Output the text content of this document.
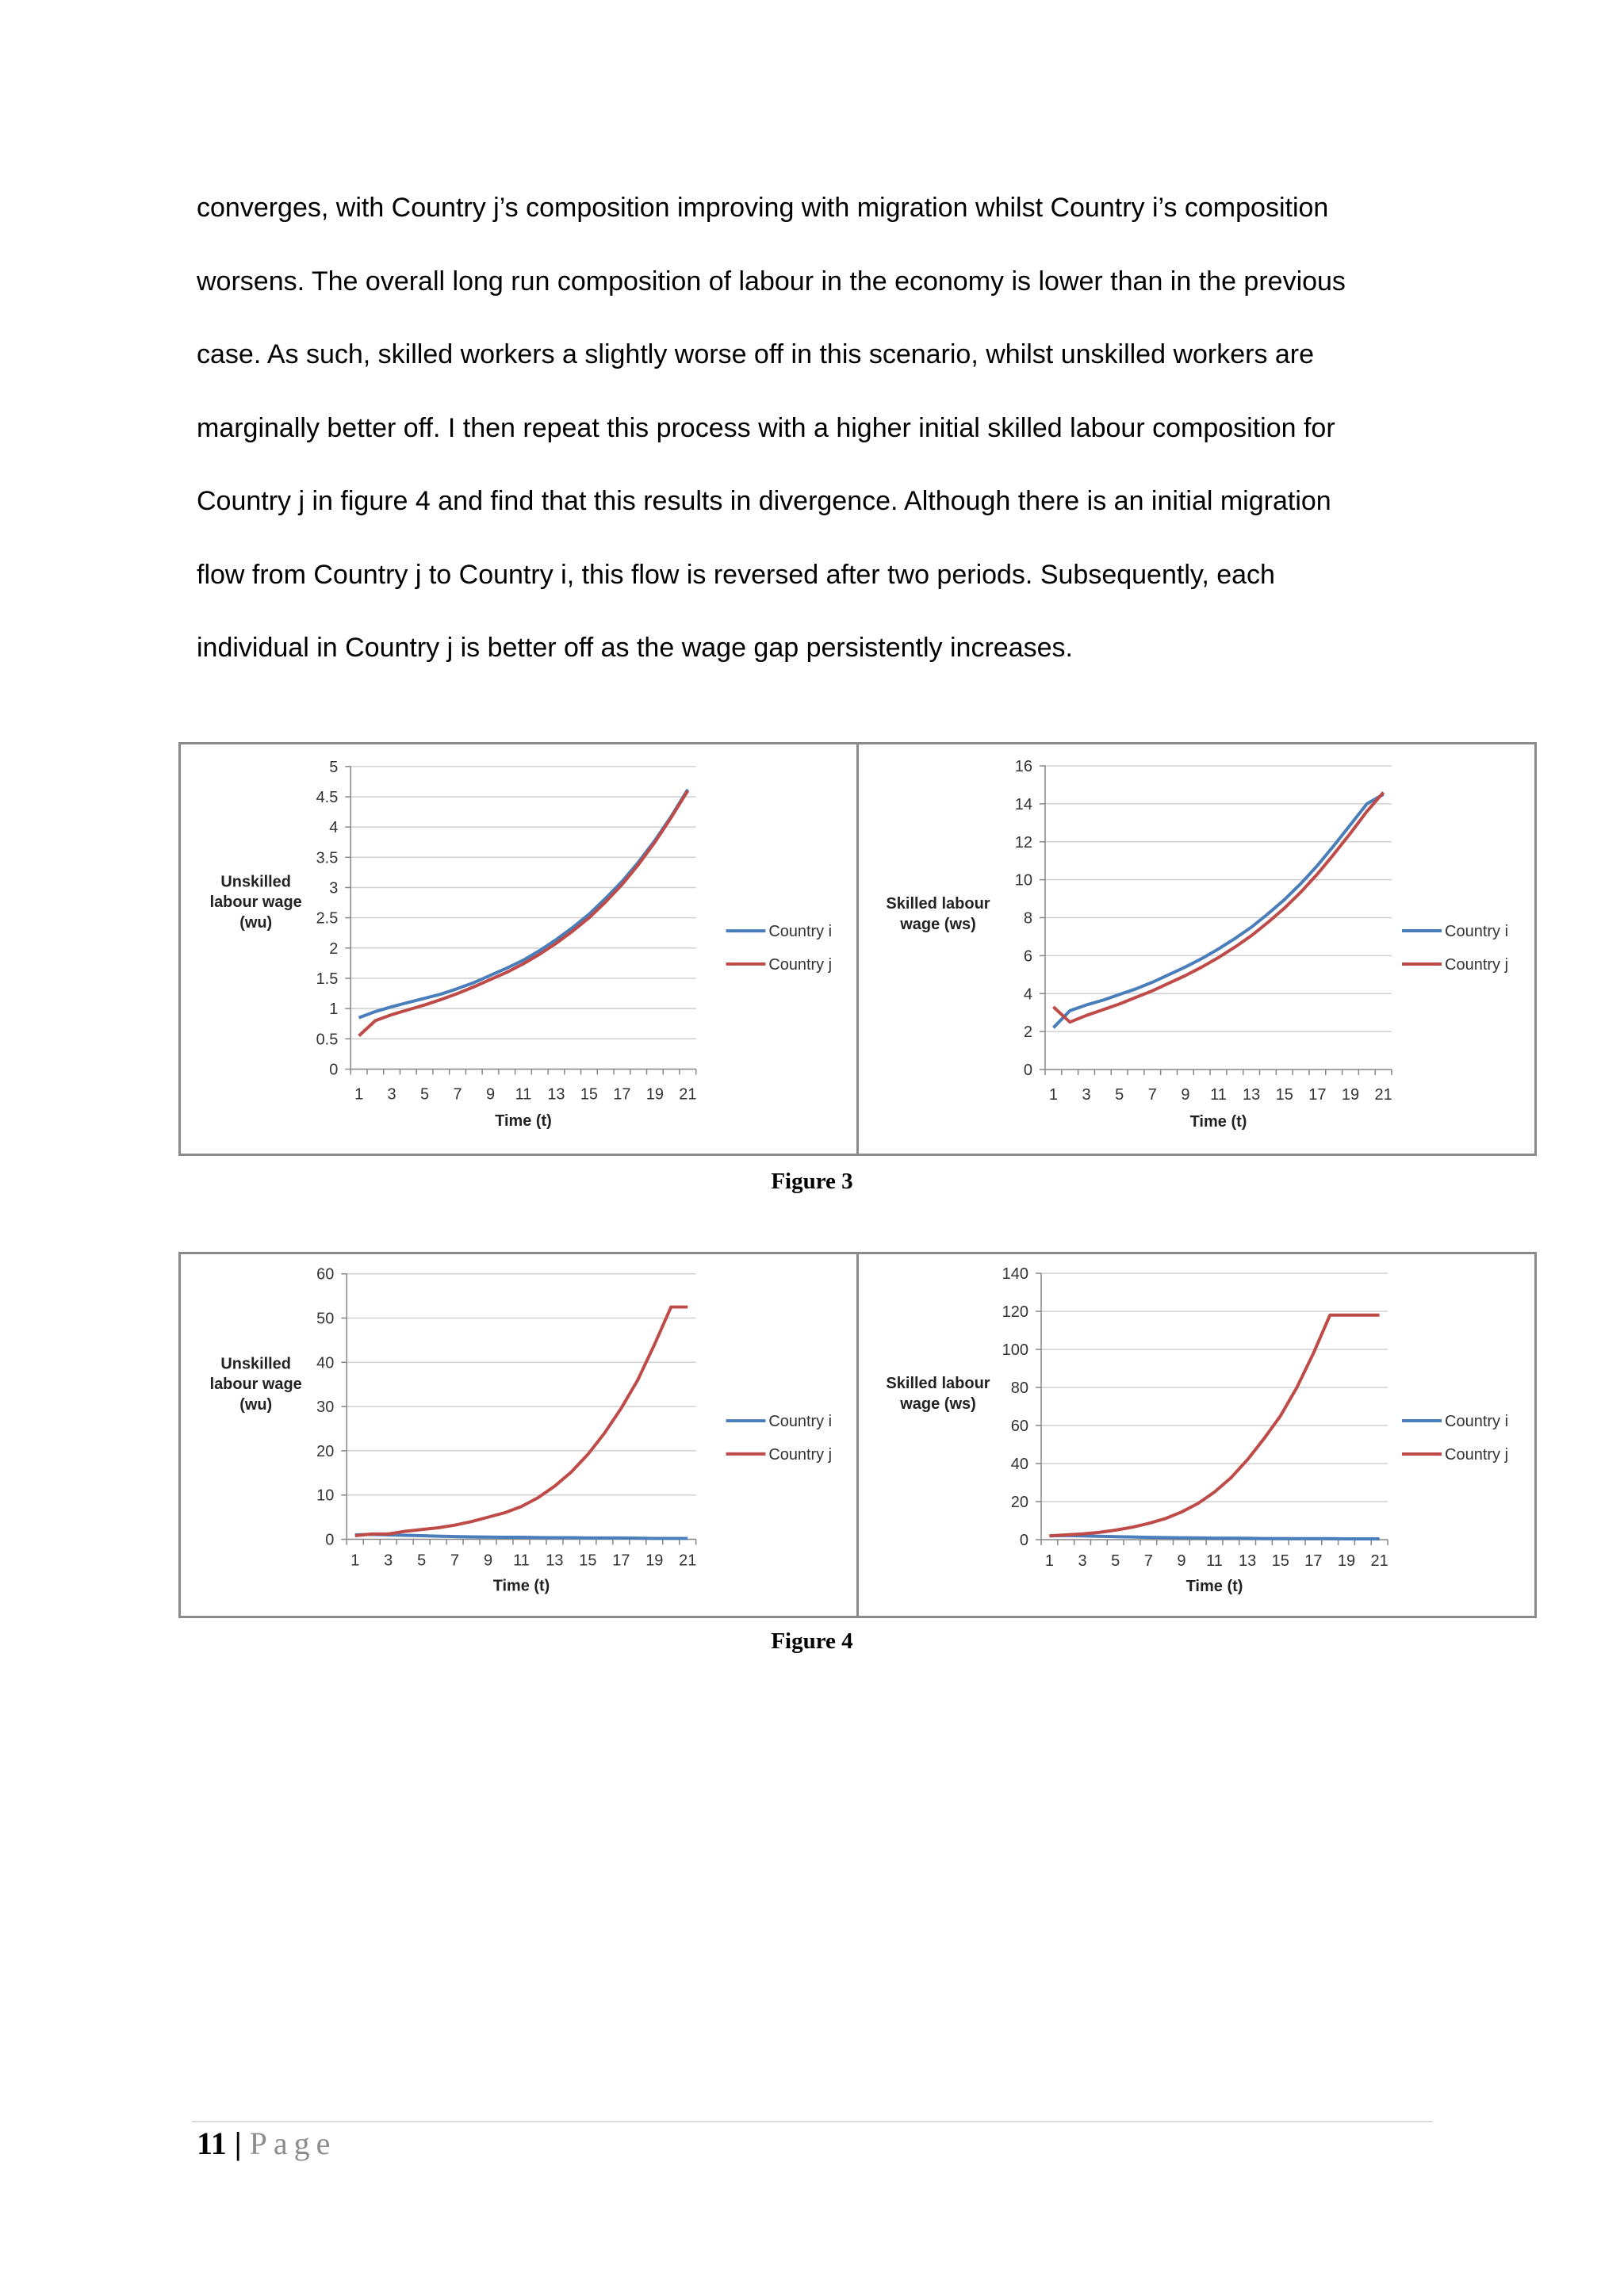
converges, with Country j’s composition improving with migration whilst Country i’s composition
worsens. The overall long run composition of labour in the economy is lower than in the previous
case. As such, skilled workers a slightly worse off in this scenario, whilst unskilled workers are
marginally better off. I then repeat this process with a higher initial skilled labour composition for
Country j in figure 4 and find that this results in divergence. Although there is an initial migration
flow from Country j to Country i, this flow is reversed after two periods. Subsequently, each
individual in Country j is better off as the wage gap persistently increases.
0
0.5
1
1.5
2
2.5
3
3.5
4
4.5
5
1 3 5 7 9 11 13 15 17 19 21
Time (t)
Unskilled
labour wage
(wu)	Country i
Country j
0
2
4
6
8
10
12
14
16
1 3 5 7 9 11 13 15 17 19 21
Time (t)
Skilled labour
wage (ws)	Country i
Country j
Figure 3
0
10
20
30
40
50
60
1 3 5 7 9 11 13 15 17 19 21
Time (t)
Unskilled
labour wage
(wu)
Country i
Country j
0
20
40
60
80
100
120
140
1 3 5 7 9 11 13 15 17 19 21
Time (t)
Skilled labour
wage (ws)
Country i
Country j
Figure 4
11 | Page
